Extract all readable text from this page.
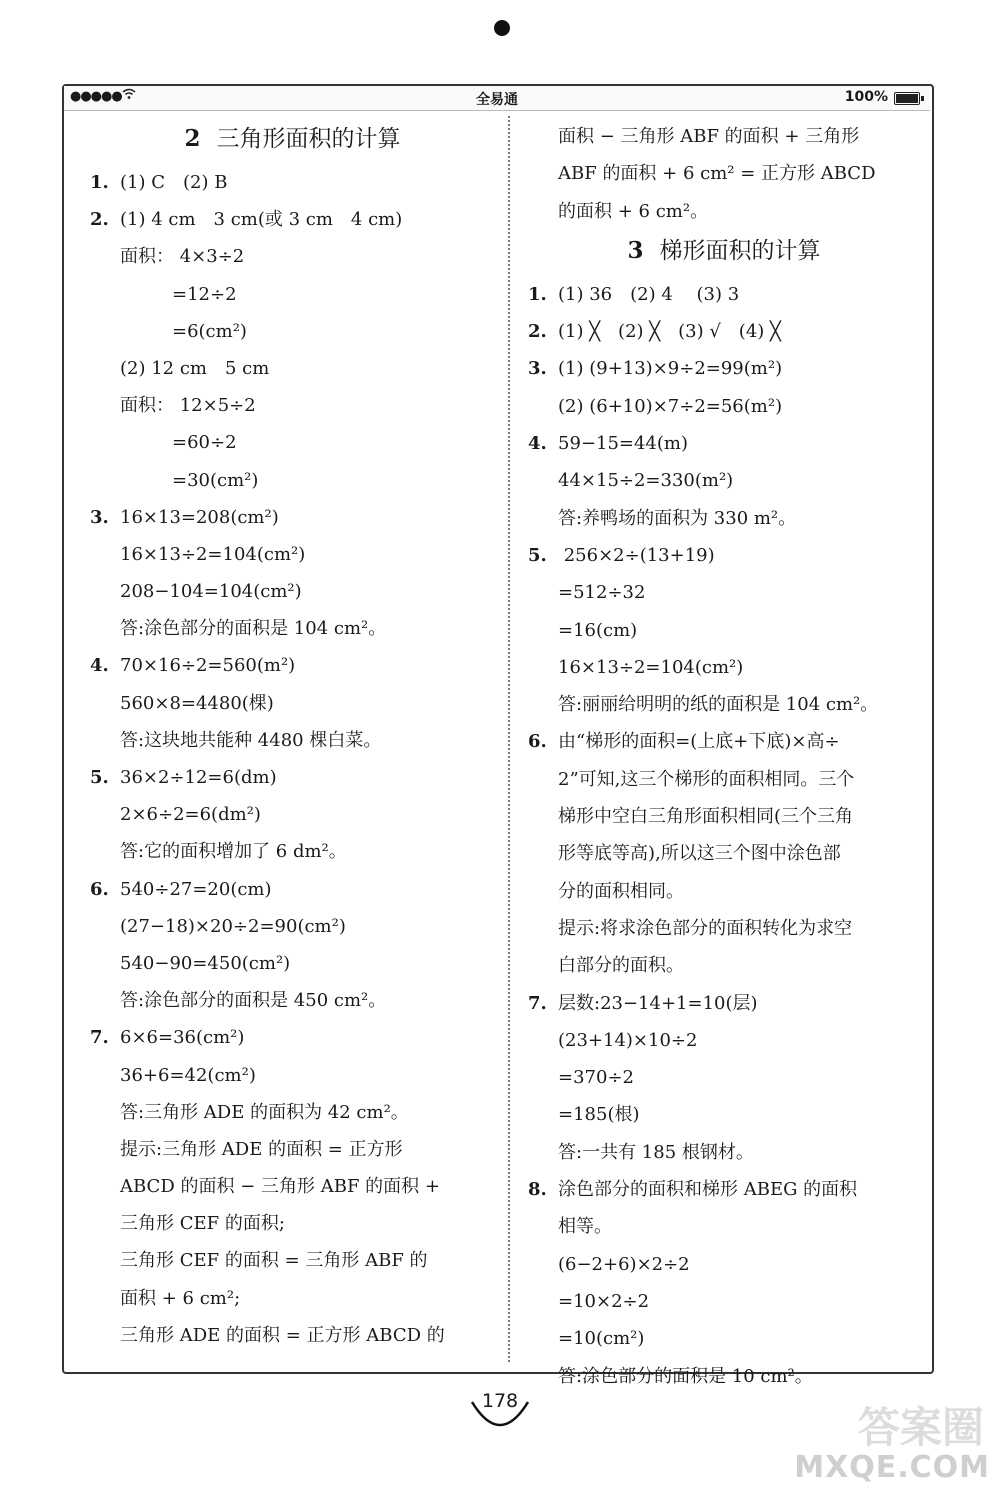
●●●●●	全易通	100%
2 三角形面积的计算
1. (1) C　(2) B
2. (1) 4 cm　3 cm(或 3 cm　4 cm)
面积： 4×3÷2
=12÷2
=6(cm²)
(2) 12 cm　5 cm
面积： 12×5÷2
=60÷2
=30(cm²)
3. 16×13=208(cm²)
16×13÷2=104(cm²)
208−104=104(cm²)
答:涂色部分的面积是 104 cm²。
4. 70×16÷2=560(m²)
560×8=4480(棵)
答:这块地共能种 4480 棵白菜。
5. 36×2÷12=6(dm)
2×6÷2=6(dm²)
答:它的面积增加了 6 dm²。
6. 540÷27=20(cm)
(27−18)×20÷2=90(cm²)
540−90=450(cm²)
答:涂色部分的面积是 450 cm²。
7. 6×6=36(cm²)
36+6=42(cm²)
答:三角形 ADE 的面积为 42 cm²。
提示:三角形 ADE 的面积 = 正方形
ABCD 的面积 − 三角形 ABF 的面积 +
三角形 CEF 的面积;
三角形 CEF 的面积 = 三角形 ABF 的
面积 + 6 cm²;
三角形 ADE 的面积 = 正方形 ABCD 的
面积 − 三角形 ABF 的面积 + 三角形
ABF 的面积 + 6 cm² = 正方形 ABCD
的面积 + 6 cm²。
3 梯形面积的计算
1. (1) 36　(2) 4　 (3) 3
2. (1) ╳　(2) ╳　(3) √　(4) ╳
3. (1) (9+13)×9÷2=99(m²)
(2) (6+10)×7÷2=56(m²)
4. 59−15=44(m)
44×15÷2=330(m²)
答:养鸭场的面积为 330 m²。
5. 256×2÷(13+19)
=512÷32
=16(cm)
16×13÷2=104(cm²)
答:丽丽给明明的纸的面积是 104 cm²。
6. 由“梯形的面积=(上底+下底)×高÷
2”可知,这三个梯形的面积相同。三个
梯形中空白三角形面积相同(三个三角
形等底等高),所以这三个图中涂色部
分的面积相同。
提示:将求涂色部分的面积转化为求空
白部分的面积。
7. 层数:23−14+1=10(层)
(23+14)×10÷2
=370÷2
=185(根)
答:一共有 185 根钢材。
8. 涂色部分的面积和梯形 ABEG 的面积
相等。
(6−2+6)×2÷2
=10×2÷2
=10(cm²)
答:涂色部分的面积是 10 cm²。
178
答案圈
MXQE.COM
